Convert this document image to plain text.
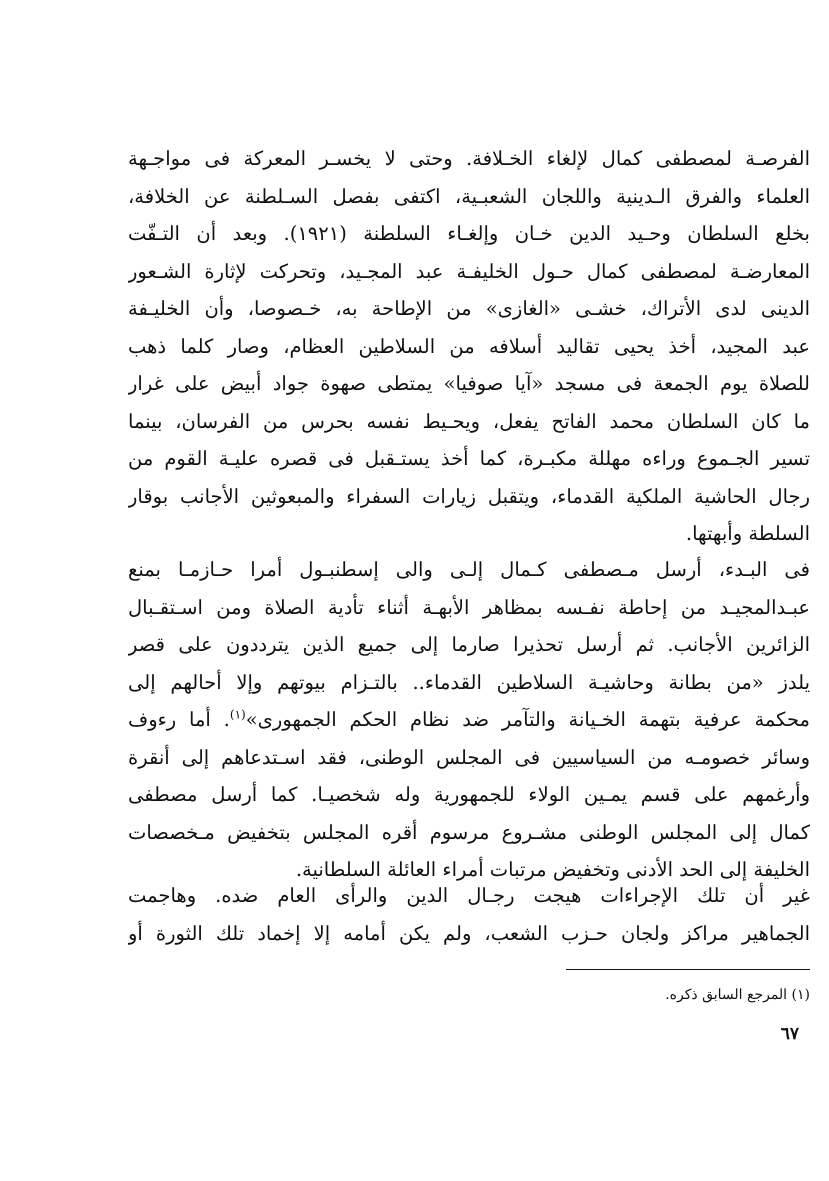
الفرصـة لمصطفى كمال لإلغاء الخـلافة. وحتى لا يخسـر المعركة فى مواجـهة
العلماء والفرق الـدينية واللجان الشعبـية، اكتفى بفصل السـلطنة عن الخلافة،
بخلع السلطان وحـيد الدين خـان وإلغـاء السلطنة (١٩٢١). وبعد أن التـفّت
المعارضـة لمصطفى كمال حـول الخليفـة عبد المجـيد، وتحركت لإثارة الشـعور
الدينى لدى الأتراك، خشـى «الغازى» من الإطاحة به، خـصوصا، وأن الخليـفة
عبد المجيد، أخذ يحيى تقاليد أسلافه من السلاطين العظام، وصار كلما ذهب
للصلاة يوم الجمعة فى مسجد «آيا صوفيا» يمتطى صهوة جواد أبيض على غرار
ما كان السلطان محمد الفاتح يفعل، ويحـيط نفسه بحرس من الفرسان، بينما
تسير الجـموع وراءه مهللة مكبـرة، كما أخذ يستـقبل فى قصره عليـة القوم من
رجال الحاشية الملكية القدماء، ويتقبل زيارات السفراء والمبعوثين الأجانب بوقار
السلطة وأبهتها.
فى البـدء، أرسل مـصطفى كـمال إلـى والى إسطنبـول أمرا حـازمـا بمنع
عبـدالمجيـد من إحاطة نفـسه بمظاهر الأبهـة أثناء تأدية الصلاة ومن اسـتقـبال
الزائرين الأجانب. ثم أرسل تحذيرا صارما إلى جميع الذين يترددون على قصر
يلدز «من بطانة وحاشيـة السلاطين القدماء.. بالتـزام بيوتهم وإلا أحالهم إلى
محكمة عرفية بتهمة الخـيانة والتآمر ضد نظام الحكم الجمهورى»$^{(١)}$. أما رءوف
وسائر خصومـه من السياسيين فى المجلس الوطنى، فقد اسـتدعاهم إلى أنقرة
وأرغمهم على قسم يمـين الولاء للجمهورية وله شخصيـا. كما أرسل مصطفى
كمال إلى المجلس الوطنى مشـروع مرسوم أقره المجلس بتخفيض مـخصصات
الخليفة إلى الحد الأدنى وتخفيض مرتبات أمراء العائلة السلطانية.
غير أن تلك الإجراءات هيجت رجـال الدين والرأى العام ضده. وهاجمت
الجماهير مراكز ولجان حـزب الشعب، ولم يكن أمامه إلا إخماد تلك الثورة أو
(١) المرجع السابق ذكره.
٦٧
